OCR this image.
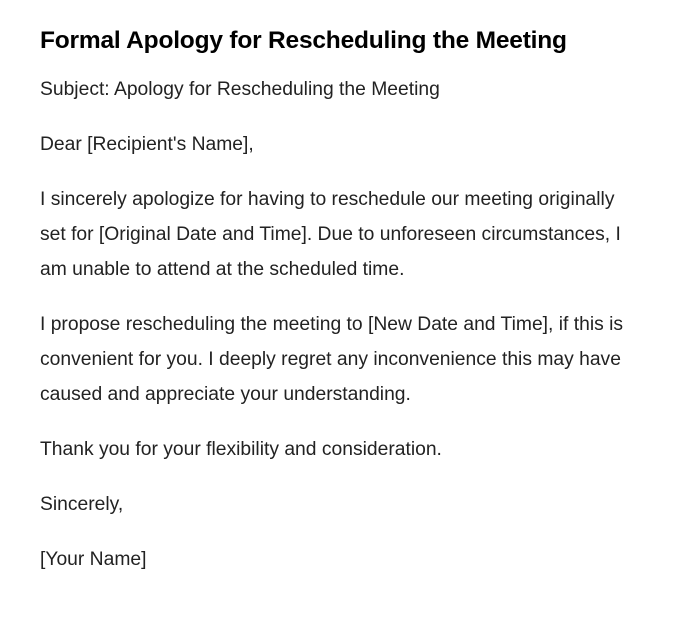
Formal Apology for Rescheduling the Meeting

Subject: Apology for Rescheduling the Meeting

Dear [Recipient's Name],

I sincerely apologize for having to reschedule our meeting originally set for [Original Date and Time]. Due to unforeseen circumstances, I am unable to attend at the scheduled time.

I propose rescheduling the meeting to [New Date and Time], if this is convenient for you. I deeply regret any inconvenience this may have caused and appreciate your understanding.

Thank you for your flexibility and consideration.

Sincerely,

[Your Name]
